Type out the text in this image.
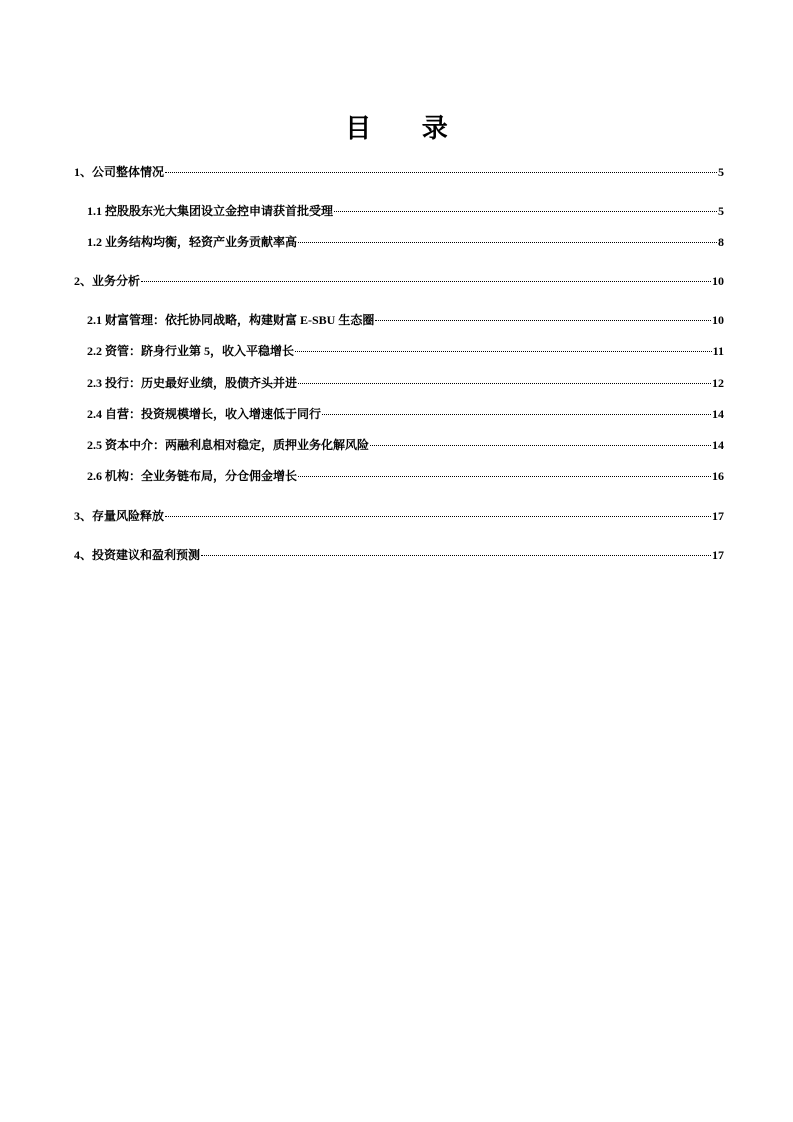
目 录
1、公司整体情况	5
1.1 控股股东光大集团设立金控申请获首批受理	5
1.2 业务结构均衡，轻资产业务贡献率高	8
2、业务分析	10
2.1 财富管理：依托协同战略，构建财富 E-SBU 生态圈	10
2.2 资管：跻身行业第 5，收入平稳增长	11
2.3 投行：历史最好业绩，股债齐头并进	12
2.4 自营：投资规模增长，收入增速低于同行	14
2.5 资本中介：两融利息相对稳定，质押业务化解风险	14
2.6 机构：全业务链布局，分仓佣金增长	16
3、存量风险释放	17
4、投资建议和盈利预测	17
